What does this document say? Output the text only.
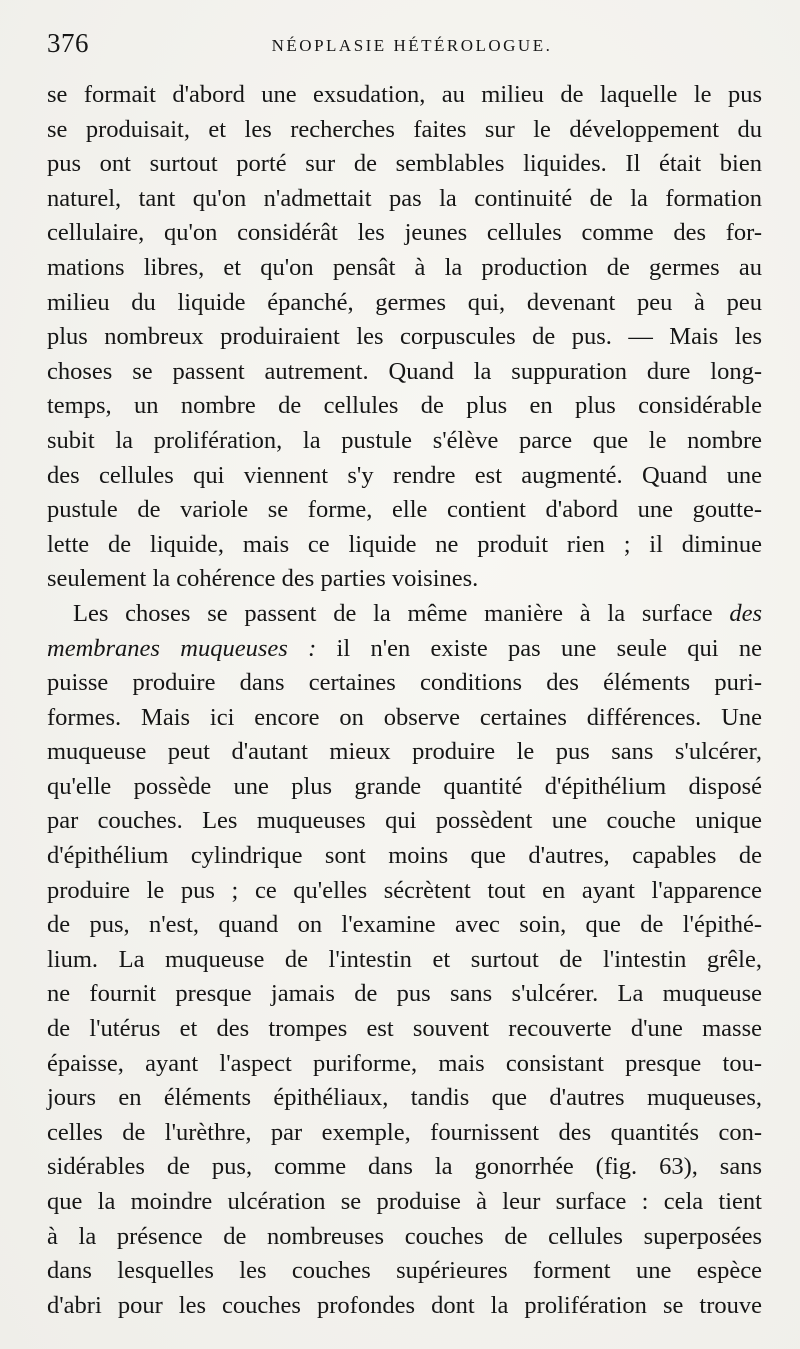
376	NÉOPLASIE HÉTÉROLOGUE.
se formait d'abord une exsudation, au milieu de laquelle le pus
se produisait, et les recherches faites sur le développement du
pus ont surtout porté sur de semblables liquides. Il était bien
naturel, tant qu'on n'admettait pas la continuité de la formation
cellulaire, qu'on considérât les jeunes cellules comme des for-
mations libres, et qu'on pensât à la production de germes au
milieu du liquide épanché, germes qui, devenant peu à peu
plus nombreux produiraient les corpuscules de pus. — Mais les
choses se passent autrement. Quand la suppuration dure long-
temps, un nombre de cellules de plus en plus considérable
subit la prolifération, la pustule s'élève parce que le nombre
des cellules qui viennent s'y rendre est augmenté. Quand une
pustule de variole se forme, elle contient d'abord une goutte-
lette de liquide, mais ce liquide ne produit rien ; il diminue
seulement la cohérence des parties voisines.
Les choses se passent de la même manière à la surface des
membranes muqueuses : il n'en existe pas une seule qui ne
puisse produire dans certaines conditions des éléments puri-
formes. Mais ici encore on observe certaines différences. Une
muqueuse peut d'autant mieux produire le pus sans s'ulcérer,
qu'elle possède une plus grande quantité d'épithélium disposé
par couches. Les muqueuses qui possèdent une couche unique
d'épithélium cylindrique sont moins que d'autres, capables de
produire le pus ; ce qu'elles sécrètent tout en ayant l'apparence
de pus, n'est, quand on l'examine avec soin, que de l'épithé-
lium. La muqueuse de l'intestin et surtout de l'intestin grêle,
ne fournit presque jamais de pus sans s'ulcérer. La muqueuse
de l'utérus et des trompes est souvent recouverte d'une masse
épaisse, ayant l'aspect puriforme, mais consistant presque tou-
jours en éléments épithéliaux, tandis que d'autres muqueuses,
celles de l'urèthre, par exemple, fournissent des quantités con-
sidérables de pus, comme dans la gonorrhée (fig. 63), sans
que la moindre ulcération se produise à leur surface : cela tient
à la présence de nombreuses couches de cellules superposées
dans lesquelles les couches supérieures forment une espèce
d'abri pour les couches profondes dont la prolifération se trouve
